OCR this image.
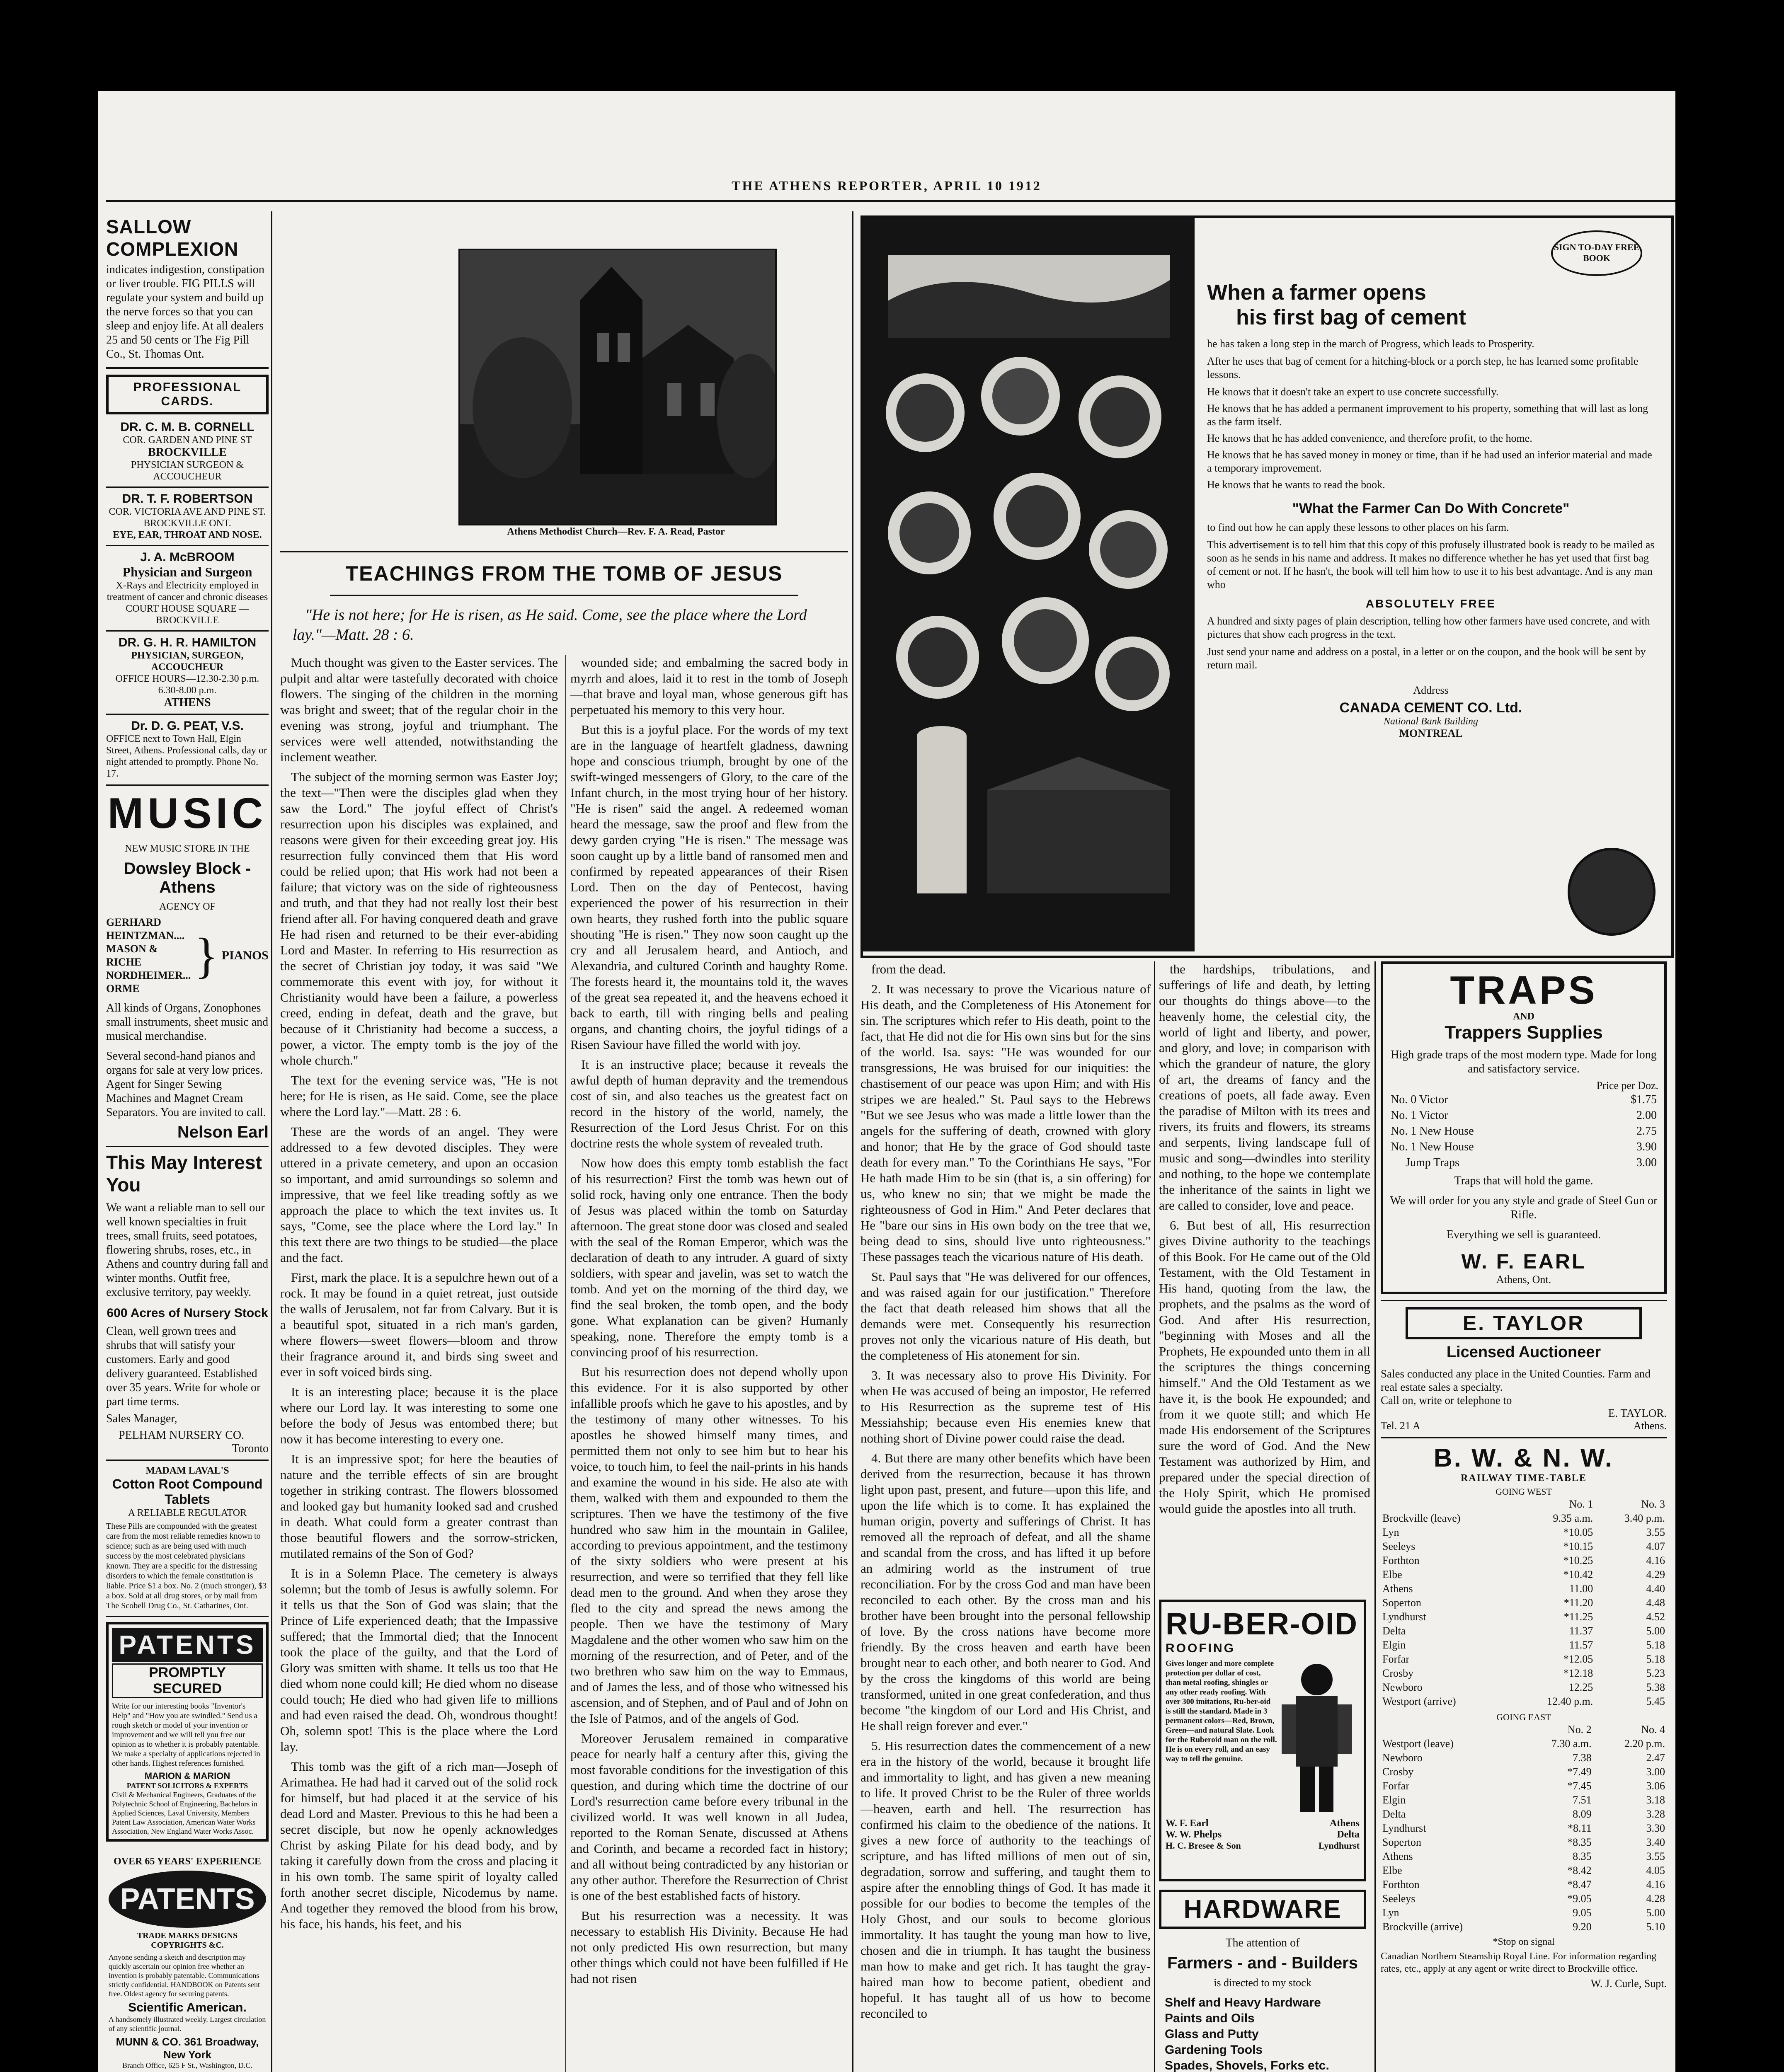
THE ATHENS REPORTER, APRIL 10 1912
SALLOW COMPLEXION
indicates indigestion, constipation or liver trouble. FIG PILLS will regulate your system and build up the nerve forces so that you can sleep and enjoy life. At all dealers 25 and 50 cents or The Fig Pill Co., St. Thomas Ont.
PROFESSIONAL CARDS.
DR. C. M. B. CORNELL
COR. GARDEN AND PINE ST
BROCKVILLE
PHYSICIAN SURGEON & ACCOUCHEUR
DR. T. F. ROBERTSON
COR. VICTORIA AVE AND PINE ST. BROCKVILLE ONT.
EYE, EAR, THROAT AND NOSE.
J. A. McBROOM
Physician and Surgeon
X-Rays and Electricity employed in treatment of cancer and chronic diseases
COURT HOUSE SQUARE — BROCKVILLE
DR. G. H. R. HAMILTON
PHYSICIAN, SURGEON, ACCOUCHEUR
OFFICE HOURS—12.30-2.30 p.m. 6.30-8.00 p.m.
ATHENS
Dr. D. G. PEAT, V.S.
OFFICE next to Town Hall, Elgin Street, Athens. Professional calls, day or night attended to promptly. Phone No. 17.
MUSIC
NEW MUSIC STORE IN THE
Dowsley Block - Athens
AGENCY OF
GERHARD
HEINTZMAN....
MASON & RICHE
NORDHEIMER...
ORME
} PIANOS
All kinds of Organs, Zonophones small instruments, sheet music and musical merchandise.
Several second-hand pianos and organs for sale at very low prices.
Agent for Singer Sewing Machines and Magnet Cream Separators. You are invited to call.
Nelson Earl
This May Interest You
We want a reliable man to sell our well known specialties in fruit trees, small fruits, seed potatoes, flowering shrubs, roses, etc., in Athens and country during fall and winter months. Outfit free, exclusive territory, pay weekly.
600 Acres of Nursery Stock
Clean, well grown trees and shrubs that will satisfy your customers. Early and good delivery guaranteed. Established over 35 years. Write for whole or part time terms.
Sales Manager,
PELHAM NURSERY CO.
Toronto
MADAM LAVAL'S
Cotton Root Compound Tablets
A RELIABLE REGULATOR
These Pills are compounded with the greatest care from the most reliable remedies known to science; such as are being used with much success by the most celebrated physicians known. They are a specific for the distressing disorders to which the female constitution is liable. Price $1 a box. No. 2 (much stronger), $3 a box. Sold at all drug stores, or by mail from The Scobell Drug Co., St. Catharines, Ont.
PATENTS
PROMPTLY SECURED
Write for our interesting books "Inventor's Help" and "How you are swindled." Send us a rough sketch or model of your invention or improvement and we will tell you free our opinion as to whether it is probably patentable. We make a specialty of applications rejected in other hands. Highest references furnished.
MARION & MARION
PATENT SOLICITORS & EXPERTS
Civil & Mechanical Engineers, Graduates of the Polytechnic School of Engineering, Bachelors in Applied Sciences, Laval University, Members Patent Law Association, American Water Works Association, New England Water Works Assoc.
OVER 65 YEARS' EXPERIENCE
PATENTS
TRADE MARKS DESIGNS COPYRIGHTS &C.
Anyone sending a sketch and description may quickly ascertain our opinion free whether an invention is probably patentable. Communications strictly confidential. HANDBOOK on Patents sent free. Oldest agency for securing patents.
Scientific American.
A handsomely illustrated weekly. Largest circulation of any scientific journal.
MUNN & CO. 361 Broadway, New York
Branch Office, 625 F St., Washington, D.C.
Athens Methodist Church—Rev. F. A. Read, Pastor
TEACHINGS FROM THE TOMB OF JESUS
"He is not here; for He is risen, as He said. Come, see the place where the Lord lay."—Matt. 28 : 6.

Much thought was given to the Easter services. The pulpit and altar were tastefully decorated with choice flowers. The singing of the children in the morning was bright and sweet; that of the regular choir in the evening was strong, joyful and triumphant. The services were well attended, notwithstanding the inclement weather.

The subject of the morning sermon was Easter Joy; the text—"Then were the disciples glad when they saw the Lord." The joyful effect of Christ's resurrection upon his disciples was explained, and reasons were given for their exceeding great joy. His resurrection fully convinced them that His word could be relied upon; that His work had not been a failure; that victory was on the side of righteousness and truth, and that they had not really lost their best friend after all. For having conquered death and grave He had risen and returned to be their ever-abiding Lord and Master. In referring to His resurrection as the secret of Christian joy today, it was said "We commemorate this event with joy, for without it Christianity would have been a failure, a powerless creed, ending in defeat, death and the grave, but because of it Christianity had become a success, a power, a victor. The empty tomb is the joy of the whole church."

The text for the evening service was, "He is not here; for He is risen, as He said. Come, see the place where the Lord lay."—Matt. 28 : 6.

These are the words of an angel. They were addressed to a few devoted disciples. They were uttered in a private cemetery, and upon an occasion so important, and amid surroundings so solemn and impressive, that we feel like treading softly as we approach the place to which the text invites us. It says, "Come, see the place where the Lord lay." In this text there are two things to be studied—the place and the fact.

First, mark the place. It is a sepulchre hewn out of a rock. It may be found in a quiet retreat, just outside the walls of Jerusalem, not far from Calvary. But it is a beautiful spot, situated in a rich man's garden, where flowers—sweet flowers—bloom and throw their fragrance around it, and birds sing sweet and ever in soft voiced birds sing.

It is an interesting place; because it is the place where our Lord lay. It was interesting to some one before the body of Jesus was entombed there; but now it has become interesting to every one.

It is an impressive spot; for here the beauties of nature and the terrible effects of sin are brought together in striking contrast. The flowers blossomed and looked gay but humanity looked sad and crushed in death. What could form a greater contrast than those beautiful flowers and the sorrow-stricken, mutilated remains of the Son of God?

It is in a Solemn Place. The cemetery is always solemn; but the tomb of Jesus is awfully solemn. For it tells us that the Son of God was slain; that the Prince of Life experienced death; that the Impassive suffered; that the Immortal died; that the Innocent took the place of the guilty, and that the Lord of Glory was smitten with shame. It tells us too that He died whom none could kill; He died whom no disease could touch; He died who had given life to millions and had even raised the dead. Oh, wondrous thought! Oh, solemn spot! This is the place where the Lord lay.

This tomb was the gift of a rich man—Joseph of Arimathea. He had had it carved out of the solid rock for himself, but had placed it at the service of his dead Lord and Master. Previous to this he had been a secret disciple, but now he openly acknowledges Christ by asking Pilate for his dead body, and by taking it carefully down from the cross and placing it in his own tomb. The same spirit of loyalty called forth another secret disciple, Nicodemus by name. And together they removed the blood from his brow, his face, his hands, his feet, and his

wounded side; and embalming the sacred body in myrrh and aloes, laid it to rest in the tomb of Joseph—that brave and loyal man, whose generous gift has perpetuated his memory to this very hour.

But this is a joyful place. For the words of my text are in the language of heartfelt gladness, dawning hope and conscious triumph, brought by one of the swift-winged messengers of Glory, to the care of the Infant church, in the most trying hour of her history. "He is risen" said the angel. A redeemed woman heard the message, saw the proof and flew from the dewy garden crying "He is risen." The message was soon caught up by a little band of ransomed men and confirmed by repeated appearances of their Risen Lord. Then on the day of Pentecost, having experienced the power of his resurrection in their own hearts, they rushed forth into the public square shouting "He is risen." They now soon caught up the cry and all Jerusalem heard, and Antioch, and Alexandria, and cultured Corinth and haughty Rome. The forests heard it, the mountains told it, the waves of the great sea repeated it, and the heavens echoed it back to earth, till with ringing bells and pealing organs, and chanting choirs, the joyful tidings of a Risen Saviour have filled the world with joy.

It is an instructive place; because it reveals the awful depth of human depravity and the tremendous cost of sin, and also teaches us the greatest fact on record in the history of the world, namely, the Resurrection of the Lord Jesus Christ. For on this doctrine rests the whole system of revealed truth.

Now how does this empty tomb establish the fact of his resurrection? First the tomb was hewn out of solid rock, having only one entrance. Then the body of Jesus was placed within the tomb on Saturday afternoon. The great stone door was closed and sealed with the seal of the Roman Emperor, which was the declaration of death to any intruder. A guard of sixty soldiers, with spear and javelin, was set to watch the tomb. And yet on the morning of the third day, we find the seal broken, the tomb open, and the body gone. What explanation can be given? Humanly speaking, none. Therefore the empty tomb is a convincing proof of his resurrection.

But his resurrection does not depend wholly upon this evidence. For it is also supported by other infallible proofs which he gave to his apostles, and by the testimony of many other witnesses. To his apostles he showed himself many times, and permitted them not only to see him but to hear his voice, to touch him, to feel the nail-prints in his hands and examine the wound in his side. He also ate with them, walked with them and expounded to them the scriptures. Then we have the testimony of the five hundred who saw him in the mountain in Galilee, according to previous appointment, and the testimony of the sixty soldiers who were present at his resurrection, and were so terrified that they fell like dead men to the ground. And when they arose they fled to the city and spread the news among the people. Then we have the testimony of Mary Magdalene and the other women who saw him on the morning of the resurrection, and of Peter, and of the two brethren who saw him on the way to Emmaus, and of James the less, and of those who witnessed his ascension, and of Stephen, and of Paul and of John on the Isle of Patmos, and of the angels of God.

Moreover Jerusalem remained in comparative peace for nearly half a century after this, giving the most favorable conditions for the investigation of this question, and during which time the doctrine of our Lord's resurrection came before every tribunal in the civilized world. It was well known in all Judea, reported to the Roman Senate, discussed at Athens and Corinth, and became a recorded fact in history; and all without being contradicted by any historian or any other author. Therefore the Resurrection of Christ is one of the best established facts of history.

But his resurrection was a necessity. It was necessary to establish His Divinity. Because He had not only predicted His own resurrection, but many other things which could not have been fulfilled if He had not risen

SIGN TO-DAY FREE BOOK
When a farmer opens
his first bag of cement
he has taken a long step in the march of Progress, which leads to Prosperity.
After he uses that bag of cement for a hitching-block or a porch step, he has learned some profitable lessons.
He knows that it doesn't take an expert to use concrete successfully.
He knows that he has added a permanent improvement to his property, something that will last as long as the farm itself.
He knows that he has added convenience, and therefore profit, to the home.
He knows that he has saved money in money or time, than if he had used an inferior material and made a temporary improvement.
He knows that he wants to read the book.
"What the Farmer Can Do With Concrete"
to find out how he can apply these lessons to other places on his farm.
This advertisement is to tell him that this copy of this profusely illustrated book is ready to be mailed as soon as he sends in his name and address. It makes no difference whether he has yet used that first bag of cement or not. If he hasn't, the book will tell him how to use it to his best advantage. And is any man who
ABSOLUTELY FREE
A hundred and sixty pages of plain description, telling how other farmers have used concrete, and with pictures that show each progress in the text.
Just send your name and address on a postal, in a letter or on the coupon, and the book will be sent by return mail.
Address
CANADA CEMENT CO. Ltd.
National Bank Building
MONTREAL

from the dead.

2. It was necessary to prove the Vicarious nature of His death, and the Completeness of His Atonement for sin. The scriptures which refer to His death, point to the fact, that He did not die for His own sins but for the sins of the world. Isa. says: "He was wounded for our transgressions, He was bruised for our iniquities: the chastisement of our peace was upon Him; and with His stripes we are healed." St. Paul says to the Hebrews "But we see Jesus who was made a little lower than the angels for the suffering of death, crowned with glory and honor; that He by the grace of God should taste death for every man." To the Corinthians He says, "For He hath made Him to be sin (that is, a sin offering) for us, who knew no sin; that we might be made the righteousness of God in Him." And Peter declares that He "bare our sins in His own body on the tree that we, being dead to sins, should live unto righteousness." These passages teach the vicarious nature of His death.

St. Paul says that "He was delivered for our offences, and was raised again for our justification." Therefore the fact that death released him shows that all the demands were met. Consequently his resurrection proves not only the vicarious nature of His death, but the completeness of His atonement for sin.

3. It was necessary also to prove His Divinity. For when He was accused of being an impostor, He referred to His Resurrection as the supreme test of His Messiahship; because even His enemies knew that nothing short of Divine power could raise the dead.

4. But there are many other benefits which have been derived from the resurrection, because it has thrown light upon past, present, and future—upon this life, and upon the life which is to come. It has explained the human origin, poverty and sufferings of Christ. It has removed all the reproach of defeat, and all the shame and scandal from the cross, and has lifted it up before an admiring world as the instrument of true reconciliation. For by the cross God and man have been reconciled to each other. By the cross man and his brother have been brought into the personal fellowship of love. By the cross nations have become more friendly. By the cross heaven and earth have been brought near to each other, and both nearer to God. And by the cross the kingdoms of this world are being transformed, united in one great confederation, and thus become "the kingdom of our Lord and His Christ, and He shall reign forever and ever."

5. His resurrection dates the commencement of a new era in the history of the world, because it brought life and immortality to light, and has given a new meaning to life. It proved Christ to be the Ruler of three worlds—heaven, earth and hell. The resurrection has confirmed his claim to the obedience of the nations. It gives a new force of authority to the teachings of scripture, and has lifted millions of men out of sin, degradation, sorrow and suffering, and taught them to aspire after the ennobling things of God. It has made it possible for our bodies to become the temples of the Holy Ghost, and our souls to become glorious immortality. It has taught the young man how to live, chosen and die in triumph. It has taught the business man how to make and get rich. It has taught the gray-haired man how to become patient, obedient and hopeful. It has taught all of us how to become reconciled to

the hardships, tribulations, and sufferings of life and death, by letting our thoughts do things above—to the heavenly home, the celestial city, the world of light and liberty, and power, and glory, and love; in comparison with which the grandeur of nature, the glory of art, the dreams of fancy and the creations of poets, all fade away. Even the paradise of Milton with its trees and rivers, its fruits and flowers, its streams and serpents, living landscape full of music and song—dwindles into sterility and nothing, to the hope we contemplate the inheritance of the saints in light we are called to consider, love and peace.

6. But best of all, His resurrection gives Divine authority to the teachings of this Book. For He came out of the Old Testament, with the Old Testament in His hand, quoting from the law, the prophets, and the psalms as the word of God. And after His resurrection, "beginning with Moses and all the Prophets, He expounded unto them in all the scriptures the things concerning himself." And the Old Testament as we have it, is the book He expounded; and from it we quote still; and which He made His endorsement of the Scriptures sure the word of God. And the New Testament was authorized by Him, and prepared under the special direction of the Holy Spirit, which He promised would guide the apostles into all truth.

RU-BER-OID
ROOFING
Gives longer and more complete protection per dollar of cost, than metal roofing, shingles or any other ready roofing. With over 300 imitations, Ru-ber-oid is still the standard. Made in 3 permanent colors—Red, Brown, Green—and natural Slate. Look for the Ruberoid man on the roll. He is on every roll, and an easy way to tell the genuine.
W. F. Earl	Athens
W. W. Phelps	Delta
H. C. Bresee & Son	Lyndhurst
HARDWARE
The attention of
Farmers - and - Builders
is directed to my stock
Shelf and Heavy Hardware
Paints and Oils
Glass and Putty
Gardening Tools
Spades, Shovels, Forks etc.
TRAPS
AND
Trappers Supplies
High grade traps of the most modern type. Made for long and satisfactory service.
Price per Doz.
No. 0 Victor	$1.75
No. 1 Victor	2.00
No. 1 New House	2.75
No. 1 New House	3.90
Jump Traps	3.00
Traps that will hold the game.
We will order for you any style and grade of Steel Gun or Rifle.
Everything we sell is guaranteed.
W. F. EARL
Athens, Ont.
E. TAYLOR
Licensed Auctioneer
Sales conducted any place in the United Counties. Farm and real estate sales a specialty.
Call on, write or telephone to
E. TAYLOR.
Tel. 21 A	Athens.
B. W. & N. W.
RAILWAY TIME-TABLE
GOING WEST
	No. 1	No. 3
Brockville (leave)	9.35 a.m.	3.40 p.m.
Lyn	*10.05	3.55
Seeleys	*10.15	4.07
Forthton	*10.25	4.16
Elbe	*10.42	4.29
Athens	11.00	4.40
Soperton	*11.20	4.48
Lyndhurst	*11.25	4.52
Delta	11.37	5.00
Elgin	11.57	5.18
Forfar	*12.05	5.18
Crosby	*12.18	5.23
Newboro	12.25	5.38
Westport (arrive)	12.40 p.m.	5.45
GOING EAST
	No. 2	No. 4
Westport (leave)	7.30 a.m.	2.20 p.m.
Newboro	7.38	2.47
Crosby	*7.49	3.00
Forfar	*7.45	3.06
Elgin	7.51	3.18
Delta	8.09	3.28
Lyndhurst	*8.11	3.30
Soperton	*8.35	3.40
Athens	8.35	3.55
Elbe	*8.42	4.05
Forthton	*8.47	4.16
Seeleys	*9.05	4.28
Lyn	9.05	5.00
Brockville (arrive)	9.20	5.10
*Stop on signal
Canadian Northern Steamship Royal Line. For information regarding rates, etc., apply at any agent or write direct to Brockville office.
W. J. Curle, Supt.
